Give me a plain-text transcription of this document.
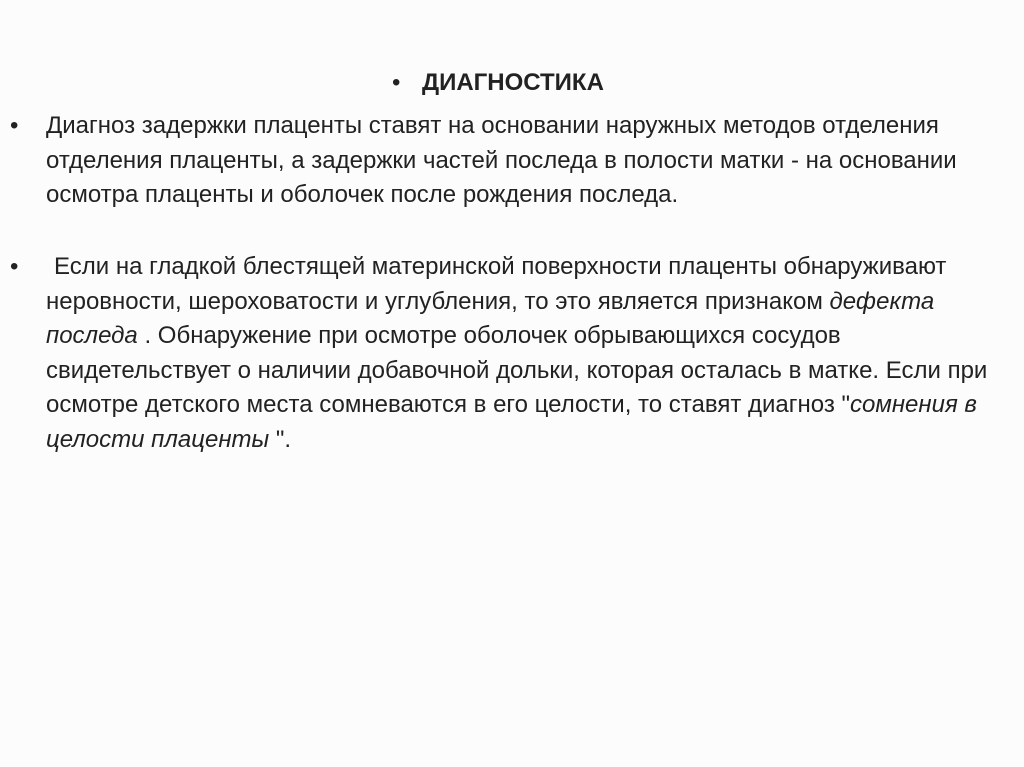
• ДИАГНОСТИКА
• Диагноз задержки плаценты ставят на основании наружных методов отделения отделения плаценты, а задержки частей последа в полости матки - на основании осмотра плаценты и оболочек после рождения последа.
• Если на гладкой блестящей материнской поверхности плаценты обнаруживают неровности, шероховатости и углубления, то это является признаком дефекта последа . Обнаружение при осмотре оболочек обрывающихся сосудов свидетельствует о наличии добавочной дольки, которая осталась в матке. Если при осмотре детского места сомневаются в его целости, то ставят диагноз "сомнения в целости плаценты ".
